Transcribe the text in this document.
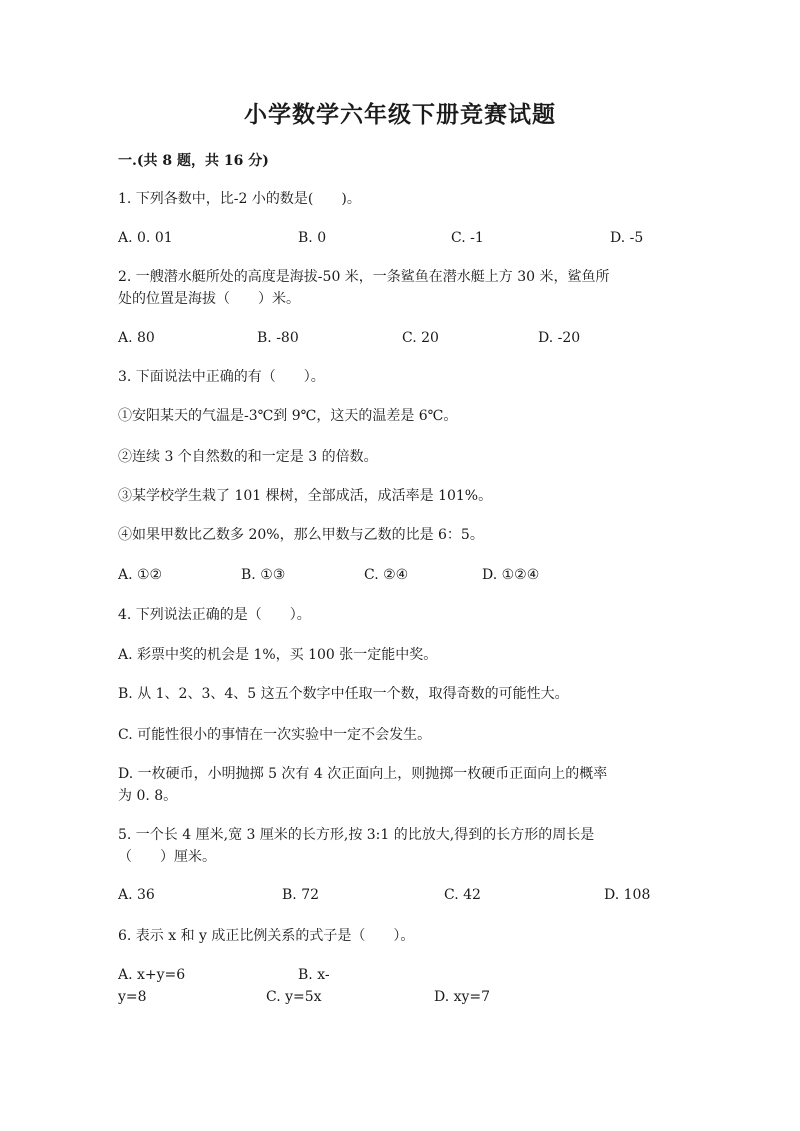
小学数学六年级下册竞赛试题
一.(共 8 题，共 16 分)
1. 下列各数中，比-2 小的数是(　　)。
A. 0. 01	B. 0	C. -1	D. -5
2. 一艘潜水艇所处的高度是海拔-50 米，一条鲨鱼在潜水艇上方 30 米，鲨鱼所
处的位置是海拔（　　）米。
A. 80	B. -80	C. 20	D. -20
3. 下面说法中正确的有（　　）。
①安阳某天的气温是-3℃到 9℃，这天的温差是 6℃。
②连续 3 个自然数的和一定是 3 的倍数。
③某学校学生栽了 101 棵树，全部成活，成活率是 101%。
④如果甲数比乙数多 20%，那么甲数与乙数的比是 6：5。
A. ①②	B. ①③	C. ②④	D. ①②④
4. 下列说法正确的是（　　）。
A. 彩票中奖的机会是 1%，买 100 张一定能中奖。
B. 从 1、2、3、4、5 这五个数字中任取一个数，取得奇数的可能性大。
C. 可能性很小的事情在一次实验中一定不会发生。
D. 一枚硬币，小明抛掷 5 次有 4 次正面向上，则抛掷一枚硬币正面向上的概率
为 0. 8。
5. 一个长 4 厘米,宽 3 厘米的长方形,按 3:1 的比放大,得到的长方形的周长是
（　　）厘米。
A. 36	B. 72	C. 42	D. 108
6. 表示 x 和 y 成正比例关系的式子是（　　）。
A. x+y=6	B. x-
y=8	C. y=5x	D. xy=7
